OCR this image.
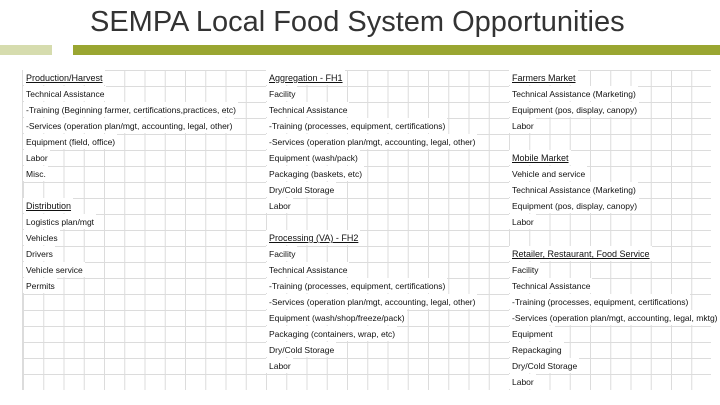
SEMPA Local Food System Opportunities
Production/Harvest
Technical Assistance
-Training (Beginning farmer, certifications,practices, etc)
-Services (operation plan/mgt, accounting, legal, other)
Equipment (field, office)
Labor
Misc.
Distribution
Logistics plan/mgt
Vehicles
Drivers
Vehicle service
Permits
Aggregation - FH1
Facility
Technical Assistance
-Training (processes, equipment, certifications)
-Services (operation plan/mgt, accounting, legal, other)
Equipment (wash/pack)
Packaging (baskets, etc)
Dry/Cold Storage
Labor
Processing (VA) - FH2
Facility
Technical Assistance
-Training (processes, equipment, certifications)
-Services (operation plan/mgt, accounting, legal, other)
Equipment (wash/shop/freeze/pack)
Packaging (containers, wrap, etc)
Dry/Cold Storage
Labor
Farmers Market
Technical Assistance (Marketing)
Equipment (pos, display, canopy)
Labor
Mobile Market
Vehicle and service
Technical Assistance (Marketing)
Equipment (pos, display, canopy)
Labor
Retailer, Restaurant, Food Service
Facility
Technical Assistance
-Training (processes, equipment, certifications)
-Services (operation plan/mgt, accounting, legal, mktg)
Equipment
Repackaging
Dry/Cold Storage
Labor
